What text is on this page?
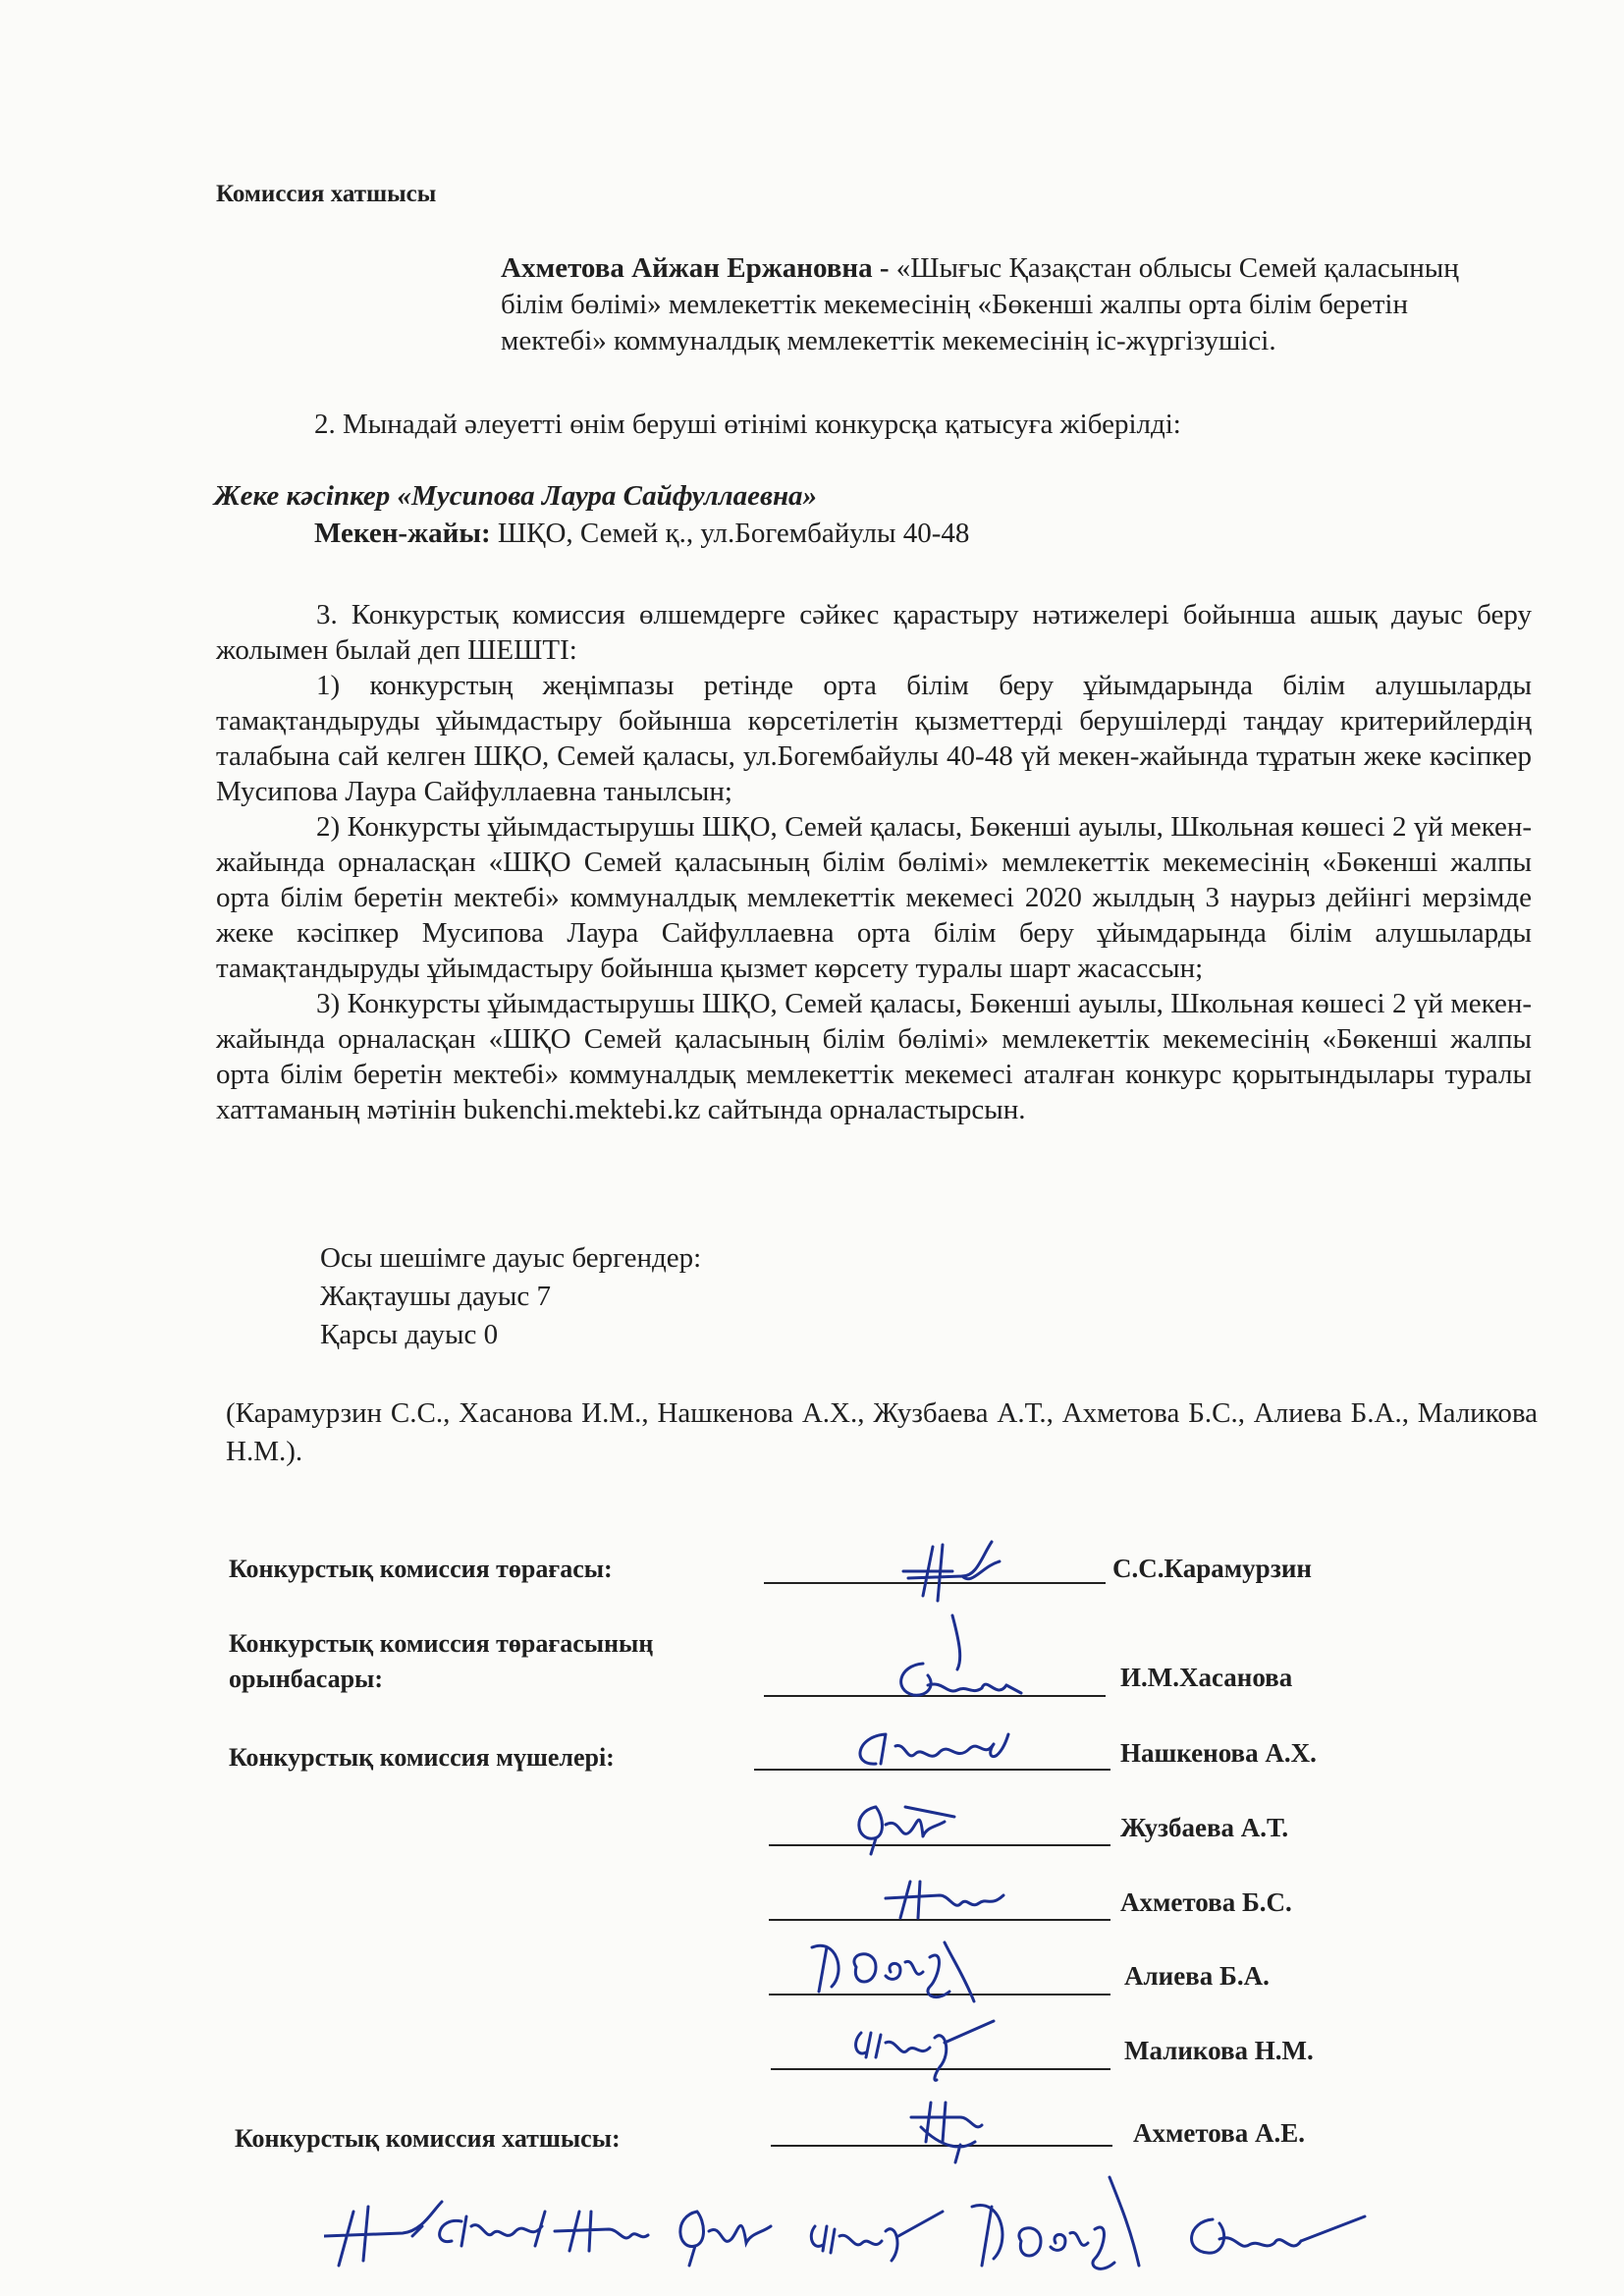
Комиссия хатшысы
Ахметова Айжан Ержановна - «Шығыс Қазақстан облысы Семей қаласының білім бөлімі» мемлекеттік мекемесінің «Бөкенші жалпы орта білім беретін мектебі» коммуналдық мемлекеттік мекемесінің іс-жүргізушісі.
2. Мынадай әлеуетті өнім беруші өтінімі конкурсқа қатысуға жіберілді:
Жеке кәсіпкер «Мусипова Лаура Сайфуллаевна»
Мекен-жайы: ШҚО, Семей қ., ул.Богембайулы 40-48
3. Конкурстық комиссия өлшемдерге сәйкес қарастыру нәтижелері бойынша ашық дауыс беру жолымен былай деп ШЕШТІ:
1) конкурстың жеңімпазы ретінде орта білім беру ұйымдарында білім алушыларды тамақтандыруды ұйымдастыру бойынша көрсетілетін қызметтерді берушілерді таңдау критерийлердің талабына сай келген ШҚО, Семей қаласы, ул.Богембайулы 40-48 үй мекен-жайында тұратын жеке кәсіпкер Мусипова Лаура Сайфуллаевна танылсын;
2) Конкурсты ұйымдастырушы ШҚО, Семей қаласы, Бөкенші ауылы, Школьная көшесі 2 үй мекен-жайында орналасқан «ШҚО Семей қаласының білім бөлімі» мемлекеттік мекемесінің «Бөкенші жалпы орта білім беретін мектебі» коммуналдық мемлекеттік мекемесі 2020 жылдың 3 наурыз дейінгі мерзімде жеке кәсіпкер Мусипова Лаура Сайфуллаевна орта білім беру ұйымдарында білім алушыларды тамақтандыруды ұйымдастыру бойынша қызмет көрсету туралы шарт жасассын;
3) Конкурсты ұйымдастырушы ШҚО, Семей қаласы, Бөкенші ауылы, Школьная көшесі 2 үй мекен-жайында орналасқан «ШҚО Семей қаласының білім бөлімі» мемлекеттік мекемесінің «Бөкенші жалпы орта білім беретін мектебі» коммуналдық мемлекеттік мекемесі аталған конкурс қорытындылары туралы хаттаманың мәтінін bukenchi.mektebi.kz сайтында орналастырсын.
Осы шешімге дауыс бергендер:
Жақтаушы дауыс 7
Қарсы дауыс 0
(Карамурзин С.С., Хасанова И.М., Нашкенова А.Х., Жузбаева А.Т., Ахметова Б.С., Алиева Б.А., Маликова Н.М.).
Конкурстық комиссия төрағасы:	С.С.Карамурзин
Конкурстық комиссия төрағасының орынбасары:	И.М.Хасанова
Конкурстық комиссия мүшелері:	Нашкенова А.Х.
Жузбаева А.Т.
Ахметова Б.С.
Алиева Б.А.
Маликова Н.М.
Конкурстық комиссия хатшысы:	Ахметова А.Е.
